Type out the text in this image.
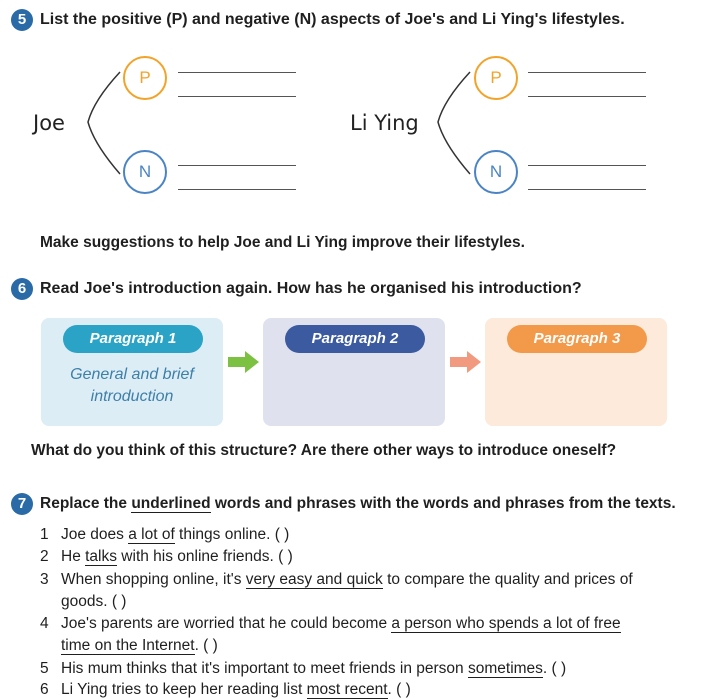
5 List the positive (P) and negative (N) aspects of Joe's and Li Ying's lifestyles.
Joe
P
N
Li Ying
P
N
Make suggestions to help Joe and Li Ying improve their lifestyles.
6 Read Joe's introduction again. How has he organised his introduction?
Paragraph 1	Paragraph 2	Paragraph 3
General and brief
introduction
What do you think of this structure? Are there other ways to introduce oneself?
7 Replace the underlined words and phrases with the words and phrases from the texts.
1 Joe does a lot of things online. ( )
2 He talks with his online friends. ( )
3 When shopping online, it's very easy and quick to compare the quality and prices of
goods. ( )
4 Joe's parents are worried that he could become a person who spends a lot of free
time on the Internet. ( )
5 His mum thinks that it's important to meet friends in person sometimes. ( )
6 Li Ying tries to keep her reading list most recent. ( )
